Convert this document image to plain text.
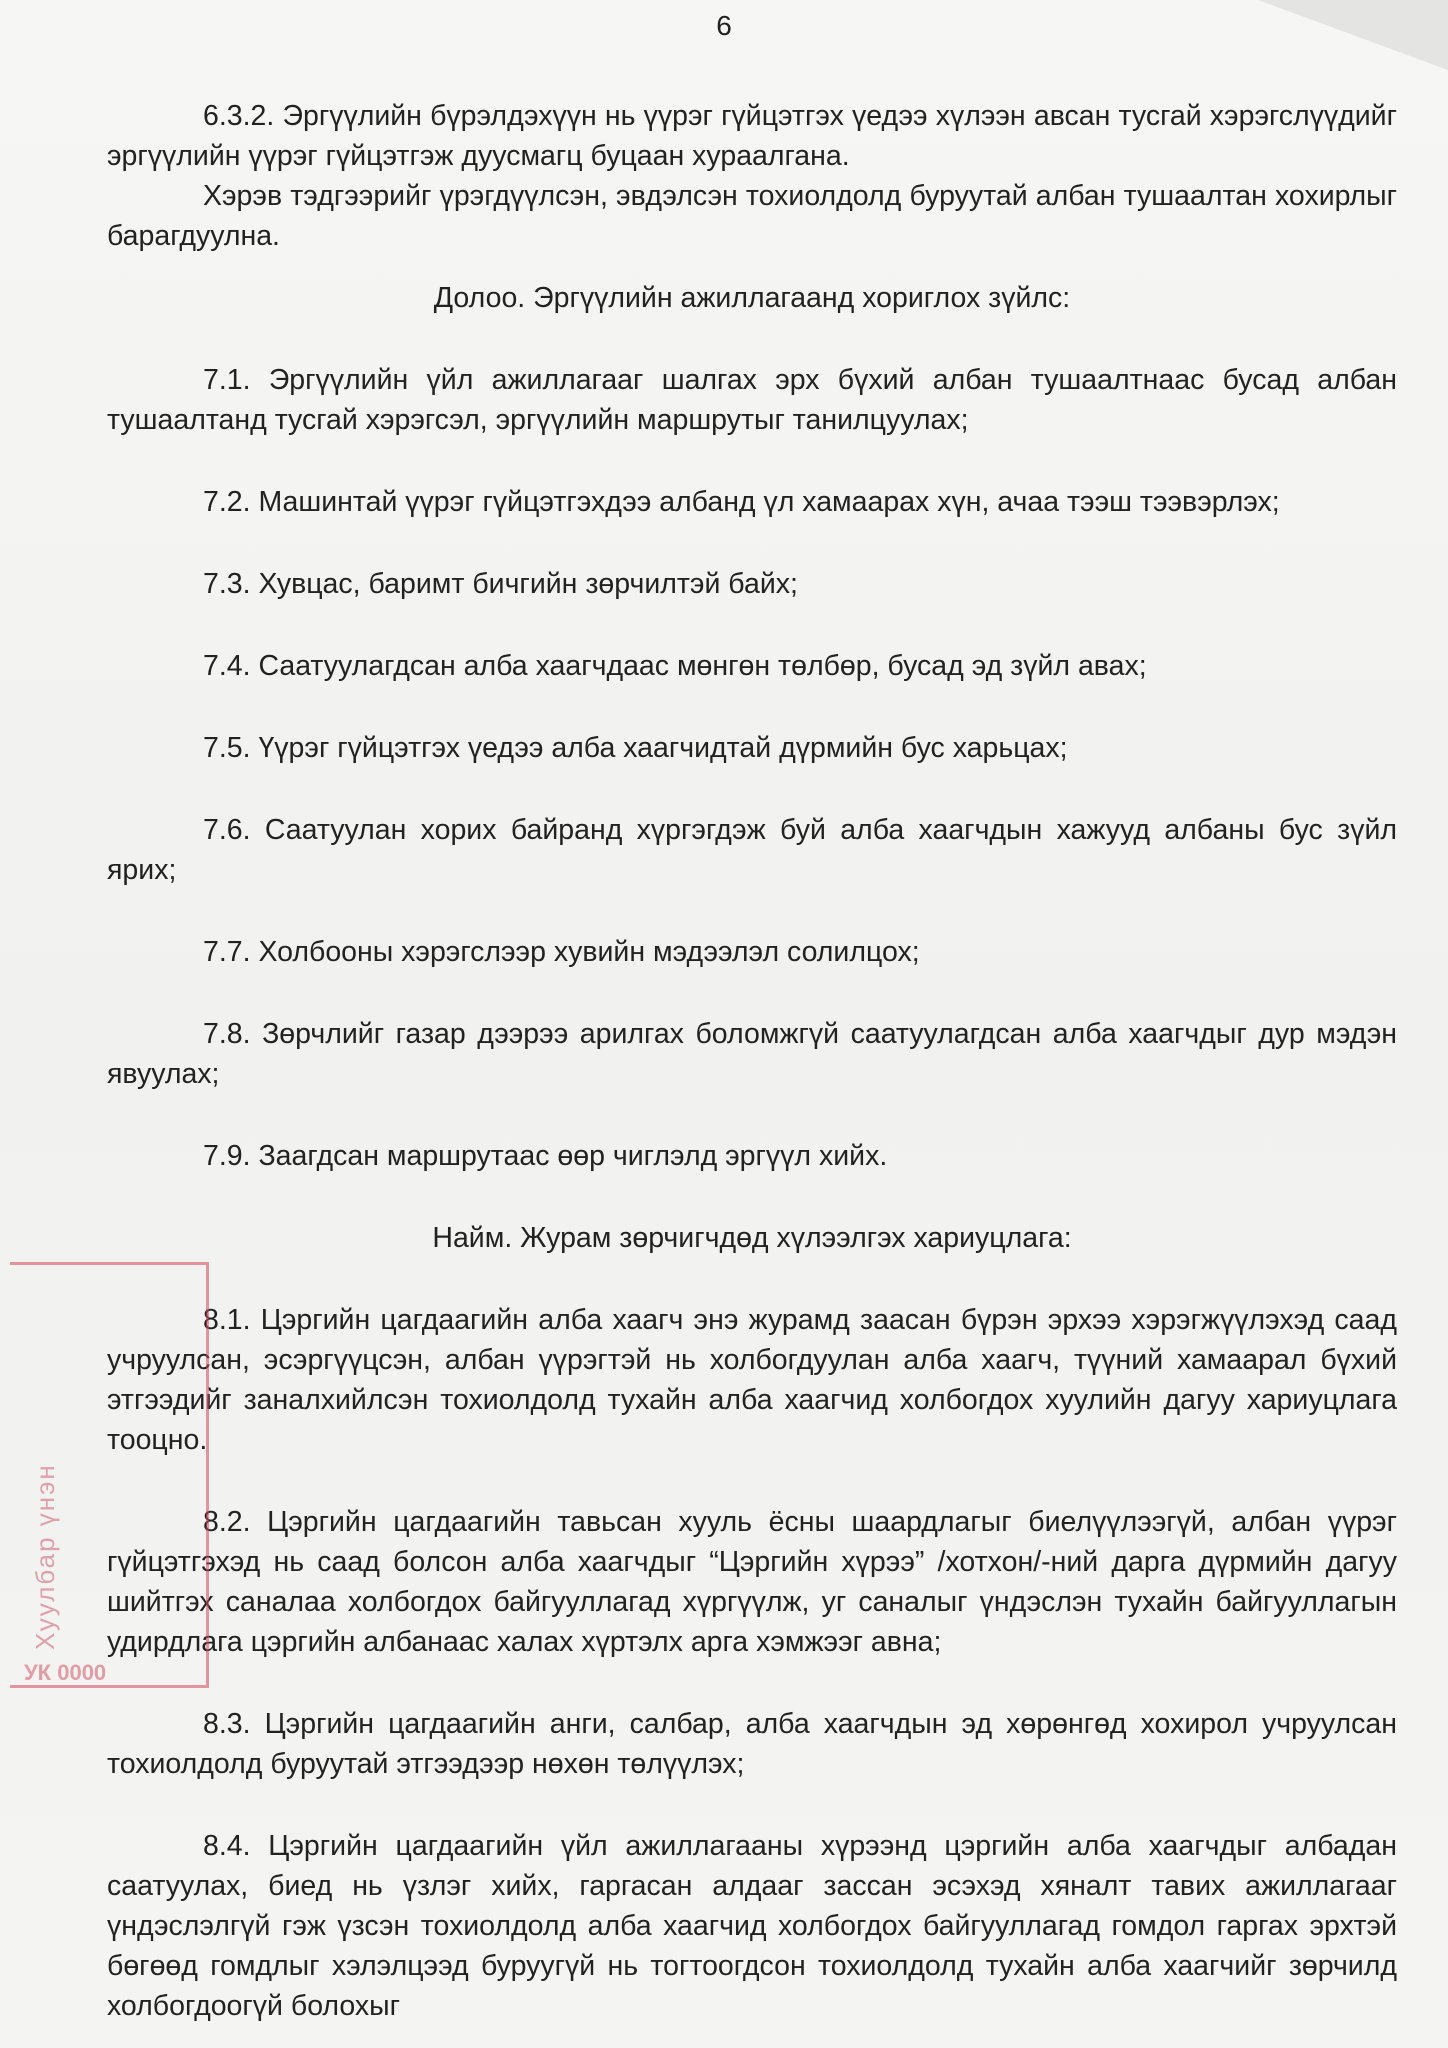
6

6.3.2. Эргүүлийн бүрэлдэхүүн нь үүрэг гүйцэтгэх үедээ хүлээн авсан тусгай хэрэгслүүдийг эргүүлийн үүрэг гүйцэтгэж дуусмагц буцаан хураалгана.

Хэрэв тэдгээрийг үрэгдүүлсэн, эвдэлсэн тохиолдолд буруутай албан тушаалтан хохирлыг барагдуулна.

Долоо. Эргүүлийн ажиллагаанд хориглох зүйлс:

7.1. Эргүүлийн үйл ажиллагааг шалгах эрх бүхий албан тушаалтнаас бусад албан тушаалтанд тусгай хэрэгсэл, эргүүлийн маршрутыг танилцуулах;

7.2. Машинтай үүрэг гүйцэтгэхдээ албанд үл хамаарах хүн, ачаа тээш тээвэрлэх;

7.3. Хувцас, баримт бичгийн зөрчилтэй байх;

7.4. Саатуулагдсан алба хаагчдаас мөнгөн төлбөр, бусад эд зүйл авах;

7.5. Үүрэг гүйцэтгэх үедээ алба хаагчидтай дүрмийн бус харьцах;

7.6. Саатуулан хорих байранд хүргэгдэж буй алба хаагчдын хажууд албаны бус зүйл ярих;

7.7. Холбооны хэрэгслээр хувийн мэдээлэл солилцох;

7.8. Зөрчлийг газар дээрээ арилгах боломжгүй саатуулагдсан алба хаагчдыг дур мэдэн явуулах;

7.9. Заагдсан маршрутаас өөр чиглэлд эргүүл хийх.

Найм. Журам зөрчигчдөд хүлээлгэх хариуцлага:

8.1. Цэргийн цагдаагийн алба хаагч энэ журамд заасан бүрэн эрхээ хэрэгжүүлэхэд саад учруулсан, эсэргүүцсэн, албан үүрэгтэй нь холбогдуулан алба хаагч, түүний хамаарал бүхий этгээдийг заналхийлсэн тохиолдолд тухайн алба хаагчид холбогдох хуулийн дагуу хариуцлага тооцно.

8.2. Цэргийн цагдаагийн тавьсан хууль ёсны шаардлагыг биелүүлээгүй, албан үүрэг гүйцэтгэхэд нь саад болсон алба хаагчдыг “Цэргийн хүрээ” /хотхон/-ний дарга дүрмийн дагуу шийтгэх саналаа холбогдох байгууллагад хүргүүлж, уг саналыг үндэслэн тухайн байгууллагын удирдлага цэргийн албанаас халах хүртэлх арга хэмжээг авна;

8.3. Цэргийн цагдаагийн анги, салбар, алба хаагчдын эд хөрөнгөд хохирол учруулсан тохиолдолд буруутай этгээдээр нөхөн төлүүлэх;

8.4. Цэргийн цагдаагийн үйл ажиллагааны хүрээнд цэргийн алба хаагчдыг албадан саатуулах, биед нь үзлэг хийх, гаргасан алдааг зассан эсэхэд хяналт тавих ажиллагааг үндэслэлгүй гэж үзсэн тохиолдолд алба хаагчид холбогдох байгууллагад гомдол гаргах эрхтэй бөгөөд гомдлыг хэлэлцээд буруугүй нь тогтоогдсон тохиолдолд тухайн алба хаагчийг зөрчилд холбогдоогүй болохыг

Хуулбар үнэн
УК 0000
